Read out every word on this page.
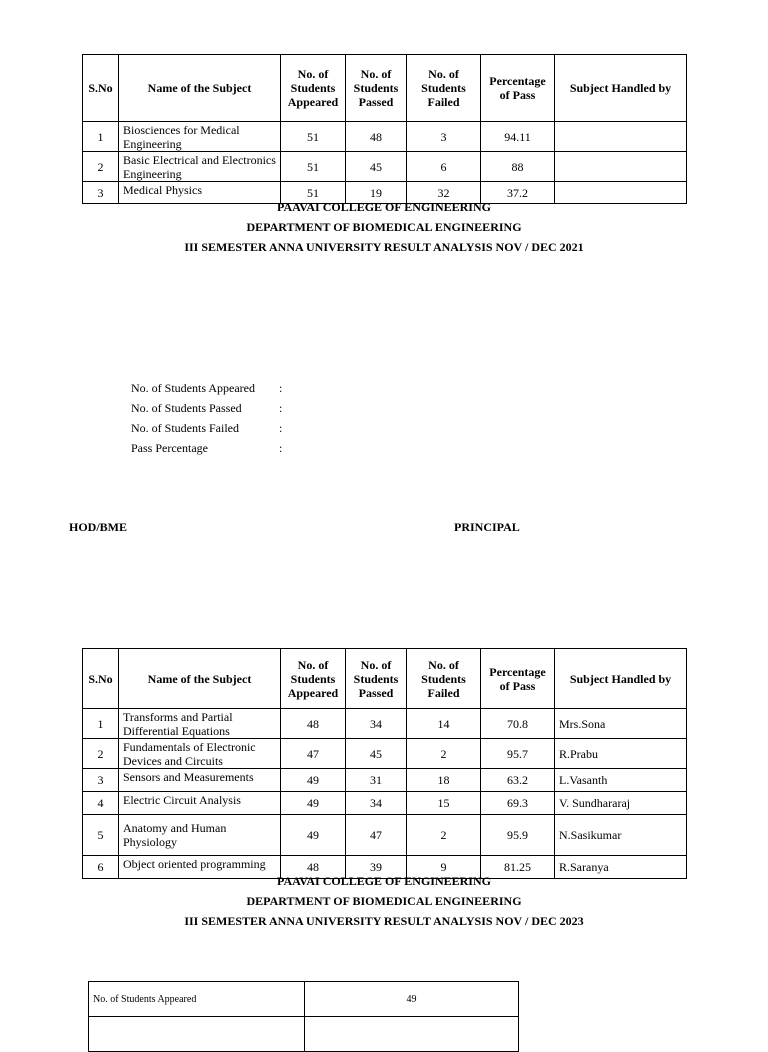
S.No	Name of the Subject	No. of Students Appeared	No. of Students Passed	No. of Students Failed	Percentage of Pass	Subject Handled by
1	Biosciences for Medical Engineering	51	48	3	94.11	
2	Basic Electrical and Electronics Engineering	51	45	6	88	
3	Medical Physics	51	19	32	37.2	
PAAVAI COLLEGE OF ENGINEERING
DEPARTMENT OF BIOMEDICAL ENGINEERING
III SEMESTER ANNA UNIVERSITY RESULT ANALYSIS NOV / DEC 2021
No. of Students Appeared :
No. of Students Passed	:
No. of Students Failed	:
Pass Percentage	:
HOD/BME	PRINCIPAL
S.No	Name of the Subject	No. of Students Appeared	No. of Students Passed	No. of Students Failed	Percentage of Pass	Subject Handled by
1	Transforms and Partial Differential Equations	48	34	14	70.8	Mrs.Sona
2	Fundamentals of Electronic Devices and Circuits	47	45	2	95.7	R.Prabu
3	Sensors and Measurements	49	31	18	63.2	L.Vasanth
4	Electric Circuit Analysis	49	34	15	69.3	V. Sundhararaj
5	Anatomy and Human Physiology	49	47	2	95.9	N.Sasikumar
6	Object oriented programming	48	39	9	81.25	R.Saranya
PAAVAI COLLEGE OF ENGINEERING
DEPARTMENT OF BIOMEDICAL ENGINEERING
III SEMESTER ANNA UNIVERSITY RESULT ANALYSIS NOV / DEC 2023
No. of Students Appeared	49
